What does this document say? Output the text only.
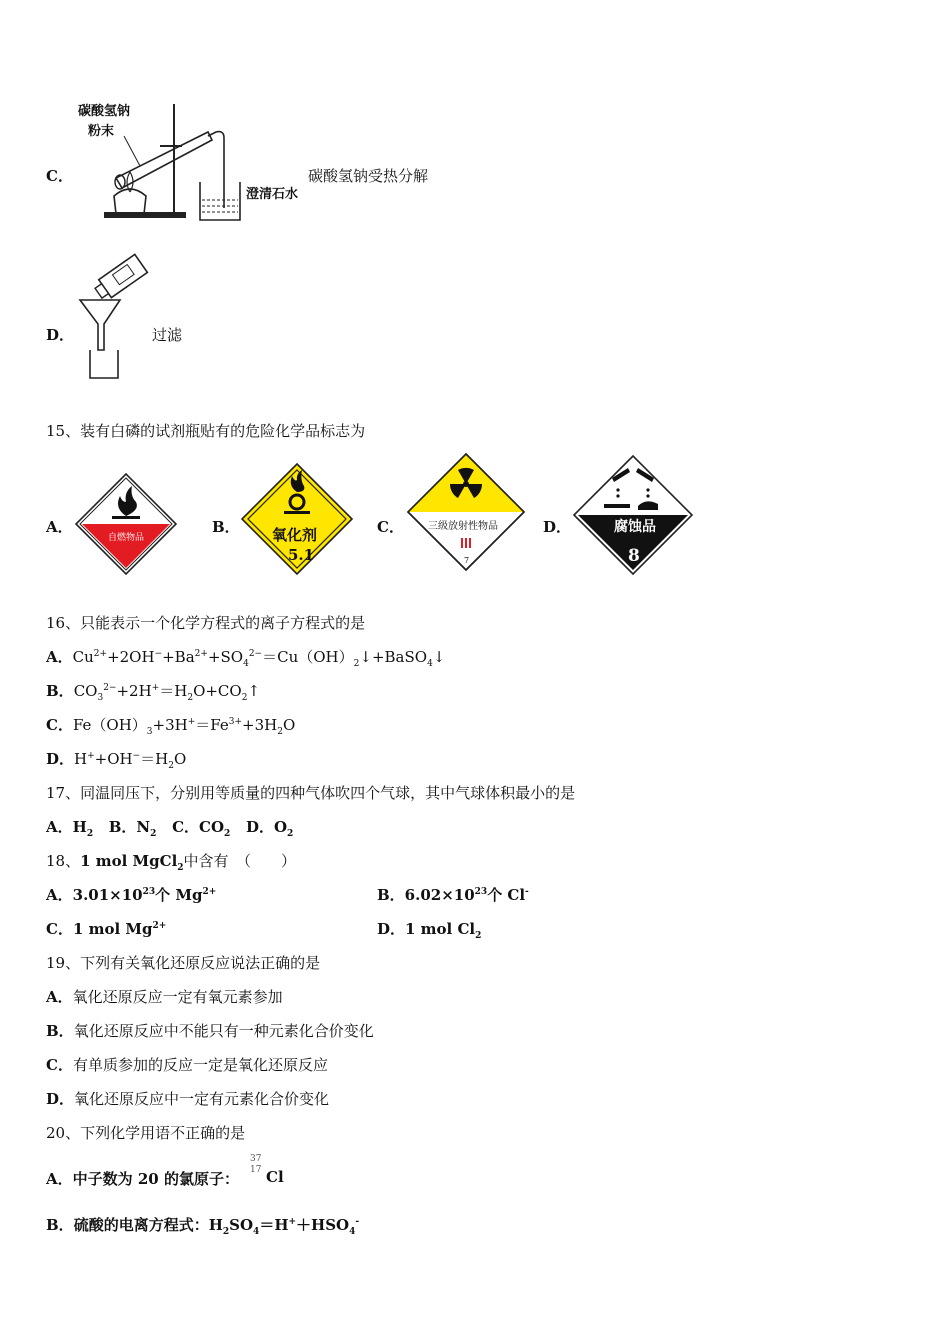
C．
碳酸氢钠
粉末
澄清石水
碳酸氢钠受热分解
D．	过滤
15、装有白磷的试剂瓶贴有的危险化学品标志为
A．
自燃物品
B． 氧化剂
5.1
C． 三级放射性物品
7
D．	腐蚀品
8
16、只能表示一个化学方程式的离子方程式的是
A．$Cu^{2+}+2OH^-+Ba^{2+}+SO_4^{2-}=Cu(OH)_2↓+BaSO_4↓$
B．$CO_3^{2-}+2H^+=H_2O+CO_2↑$
C．$Fe(OH)_3+3H^+=Fe^{3+}+3H_2O$
D．$H^++OH^-=H_2O$
17、同温同压下，分别用等质量的四种气体吹四个气球，其中气球体积最小的是
A．$H_2$   B．$N_2$   C．$CO_2$   D．$O_2$
18、1 mol MgCl$_2$中含有　（　　）
A．$3.01\times 10^{23}$个 $Mg^{2+}$	B．$6.02\times 10^{23}$个 Cl-
C．1 mol $Mg^{2+}$	D．1 mol $Cl_2$
19、下列有关氧化还原反应说法正确的是
A．氧化还原反应一定有氧元素参加
B．氧化还原反应中不能只有一种元素化合价变化
C．有单质参加的反应一定是氧化还原反应
D．氧化还原反应中一定有元素化合价变化
20、下列化学用语不正确的是
A．中子数为 20 的氯原子：
37
17 Cl
B．硫酸的电离方程式：$H_2SO_4=H^++HSO_4^-$
